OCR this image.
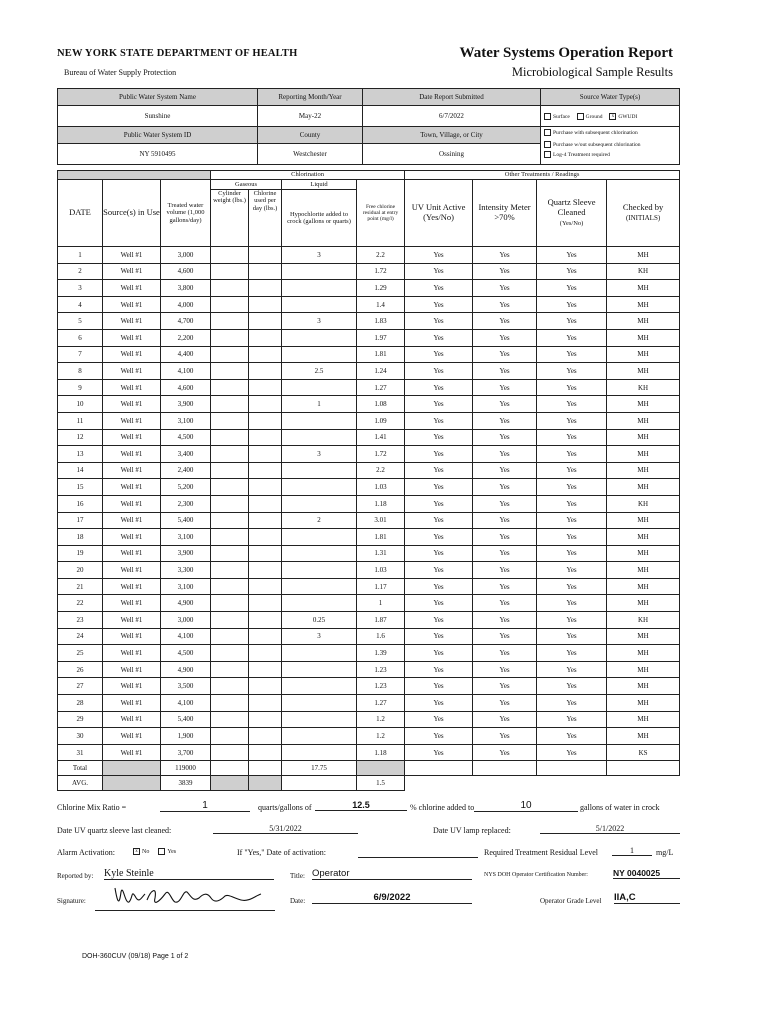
NEW YORK STATE DEPARTMENT OF HEALTH
Bureau of Water Supply Protection
Water Systems Operation Report
Microbiological Sample Results
Public Water System Name	Reporting Month/Year	Date Report Submitted	Source Water Type(s)
Sunshine	May-22	6/7/2022	Surface Ground x GWUDI
Public Water System ID	County	Town, Village, or City	Purchase with subsequent chlorination
Purchase w/out subsequent chlorination
Log-4 Treatment required

NY 5910495	Westchester	Ossining	
			Chlorination				Other Treatments / Readings			
DATE	Source(s) in Use	Treated water volume (1,000 gallons/day)	Gaseous		Liquid	Free chlorine residual at entry point (mg/l)	UV Unit Active (Yes/No)	Intensity Meter >70%	Quartz Sleeve Cleaned
(Yes/No)	Checked by
(INITIALS)
			Cylinder weight (lbs.)	Chlorine used per day (lbs.)	Hypochlorite added to crock (gallons or quarts)					
1	Well #1	3,000			3	2.2	Yes	Yes	Yes	MH
2	Well #1	4,600				1.72	Yes	Yes	Yes	KH
3	Well #1	3,800				1.29	Yes	Yes	Yes	MH
4	Well #1	4,000				1.4	Yes	Yes	Yes	MH
5	Well #1	4,700			3	1.83	Yes	Yes	Yes	MH
6	Well #1	2,200				1.97	Yes	Yes	Yes	MH
7	Well #1	4,400				1.81	Yes	Yes	Yes	MH
8	Well #1	4,100			2.5	1.24	Yes	Yes	Yes	MH
9	Well #1	4,600				1.27	Yes	Yes	Yes	KH
10	Well #1	3,900			1	1.08	Yes	Yes	Yes	MH
11	Well #1	3,100				1.09	Yes	Yes	Yes	MH
12	Well #1	4,500				1.41	Yes	Yes	Yes	MH
13	Well #1	3,400			3	1.72	Yes	Yes	Yes	MH
14	Well #1	2,400				2.2	Yes	Yes	Yes	MH
15	Well #1	5,200				1.03	Yes	Yes	Yes	MH
16	Well #1	2,300				1.18	Yes	Yes	Yes	KH
17	Well #1	5,400			2	3.01	Yes	Yes	Yes	MH
18	Well #1	3,100				1.81	Yes	Yes	Yes	MH
19	Well #1	3,900				1.31	Yes	Yes	Yes	MH
20	Well #1	3,300				1.03	Yes	Yes	Yes	MH
21	Well #1	3,100				1.17	Yes	Yes	Yes	MH
22	Well #1	4,900				1	Yes	Yes	Yes	MH
23	Well #1	3,000			0.25	1.87	Yes	Yes	Yes	KH
24	Well #1	4,100			3	1.6	Yes	Yes	Yes	MH
25	Well #1	4,500				1.39	Yes	Yes	Yes	MH
26	Well #1	4,900				1.23	Yes	Yes	Yes	MH
27	Well #1	3,500				1.23	Yes	Yes	Yes	MH
28	Well #1	4,100				1.27	Yes	Yes	Yes	MH
29	Well #1	5,400				1.2	Yes	Yes	Yes	MH
30	Well #1	1,900				1.2	Yes	Yes	Yes	MH
31	Well #1	3,700				1.18	Yes	Yes	Yes	KS
Total		119000			17.75					
AVG.		3839				1.5				
Chlorine Mix Ratio =	1	quarts/gallons of	12.5	% chlorine added to	10	gallons of water in crock
Date UV quartz sleeve last cleaned:	5/31/2022	Date UV lamp replaced:	5/1/2022
Alarm Activation:	x No	Yes	If "Yes," Date of activation:	Required Treatment Residual Level	1	mg/L
Reported by: Kyle Steinle	Title: Operator	NYS DOH Operator Certification Number:	NY 0040025
Signature:	Date:	6/9/2022	Operator Grade Level IIA,C
DOH-360CUV (09/18) Page 1 of 2
